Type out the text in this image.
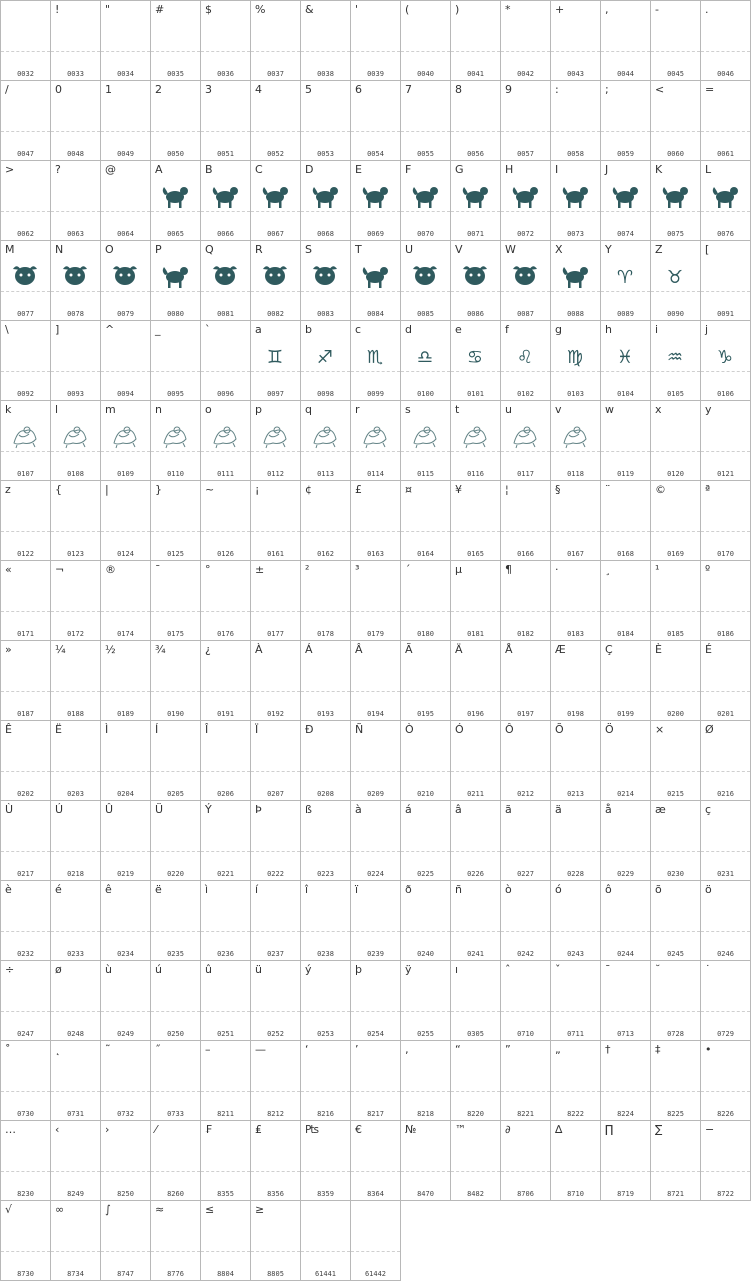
0032
!
0033
"
0034
#
0035
$
0036
%
0037
&
0038
'
0039
(
0040
)
0041
*
0042
+
0043
,
0044
-
0045
.
0046
/
0047
0
0048
1
0049
2
0050
3
0051
4
0052
5
0053
6
0054
7
0055
8
0056
9
0057
:
0058
;
0059
<
0060
=
0061
>
0062
?
0063
@
0064
A
0065
B
0066
C
0067
D
0068
E
0069
F
0070
G
0071
H
0072
I
0073
J
0074
K
0075
L
0076
M
0077
N
0078
O
0079
P
0080
Q
0081
R
0082
S
0083
T
0084
U
0085
V
0086
W
0087
X
0088
Y
♈
0089
Z
♉
0090
[
0091
\
0092
]
0093
^
0094
_
0095
`
0096
a
♊
0097
b
♐
0098
c
♏
0099
d
♎
0100
e
♋
0101
f
♌
0102
g
♍
0103
h
♓
0104
i
♒
0105
j
♑
0106
k
0107
l
0108
m
0109
n
0110
o
0111
p
0112
q
0113
r
0114
s
0115
t
0116
u
0117
v
0118
w
0119
x
0120
y
0121
z
0122
{
0123
|
0124
}
0125
~
0126
¡
0161
¢
0162
£
0163
¤
0164
¥
0165
¦
0166
§
0167
¨
0168
©
0169
ª
0170
«
0171
¬
0172
®
0174
¯
0175
°
0176
±
0177
²
0178
³
0179
´
0180
µ
0181
¶
0182
·
0183
¸
0184
¹
0185
º
0186
»
0187
¼
0188
½
0189
¾
0190
¿
0191
À
0192
Á
0193
Â
0194
Ã
0195
Ä
0196
Å
0197
Æ
0198
Ç
0199
È
0200
É
0201
Ê
0202
Ë
0203
Ì
0204
Í
0205
Î
0206
Ï
0207
Ð
0208
Ñ
0209
Ò
0210
Ó
0211
Ô
0212
Õ
0213
Ö
0214
×
0215
Ø
0216
Ù
0217
Ú
0218
Û
0219
Ü
0220
Ý
0221
Þ
0222
ß
0223
à
0224
á
0225
â
0226
ã
0227
ä
0228
å
0229
æ
0230
ç
0231
è
0232
é
0233
ê
0234
ë
0235
ì
0236
í
0237
î
0238
ï
0239
ð
0240
ñ
0241
ò
0242
ó
0243
ô
0244
õ
0245
ö
0246
÷
0247
ø
0248
ù
0249
ú
0250
û
0251
ü
0252
ý
0253
þ
0254
ÿ
0255
ı
0305
ˆ
0710
ˇ
0711
ˉ
0713
˘
0728
˙
0729
˚
0730
˛
0731
˜
0732
˝
0733
–
8211
—
8212
‘
8216
’
8217
‚
8218
“
8220
”
8221
„
8222
†
8224
‡
8225
•
8226
…
8230
‹
8249
›
8250
⁄
8260
₣
8355
₤
8356
₧
8359
€
8364
№
8470
™
8482
∂
8706
∆
8710
∏
8719
∑
8721
−
8722
√
8730
∞
8734
∫
8747
≈
8776
≤
8804
≥
8805	61441	61442
